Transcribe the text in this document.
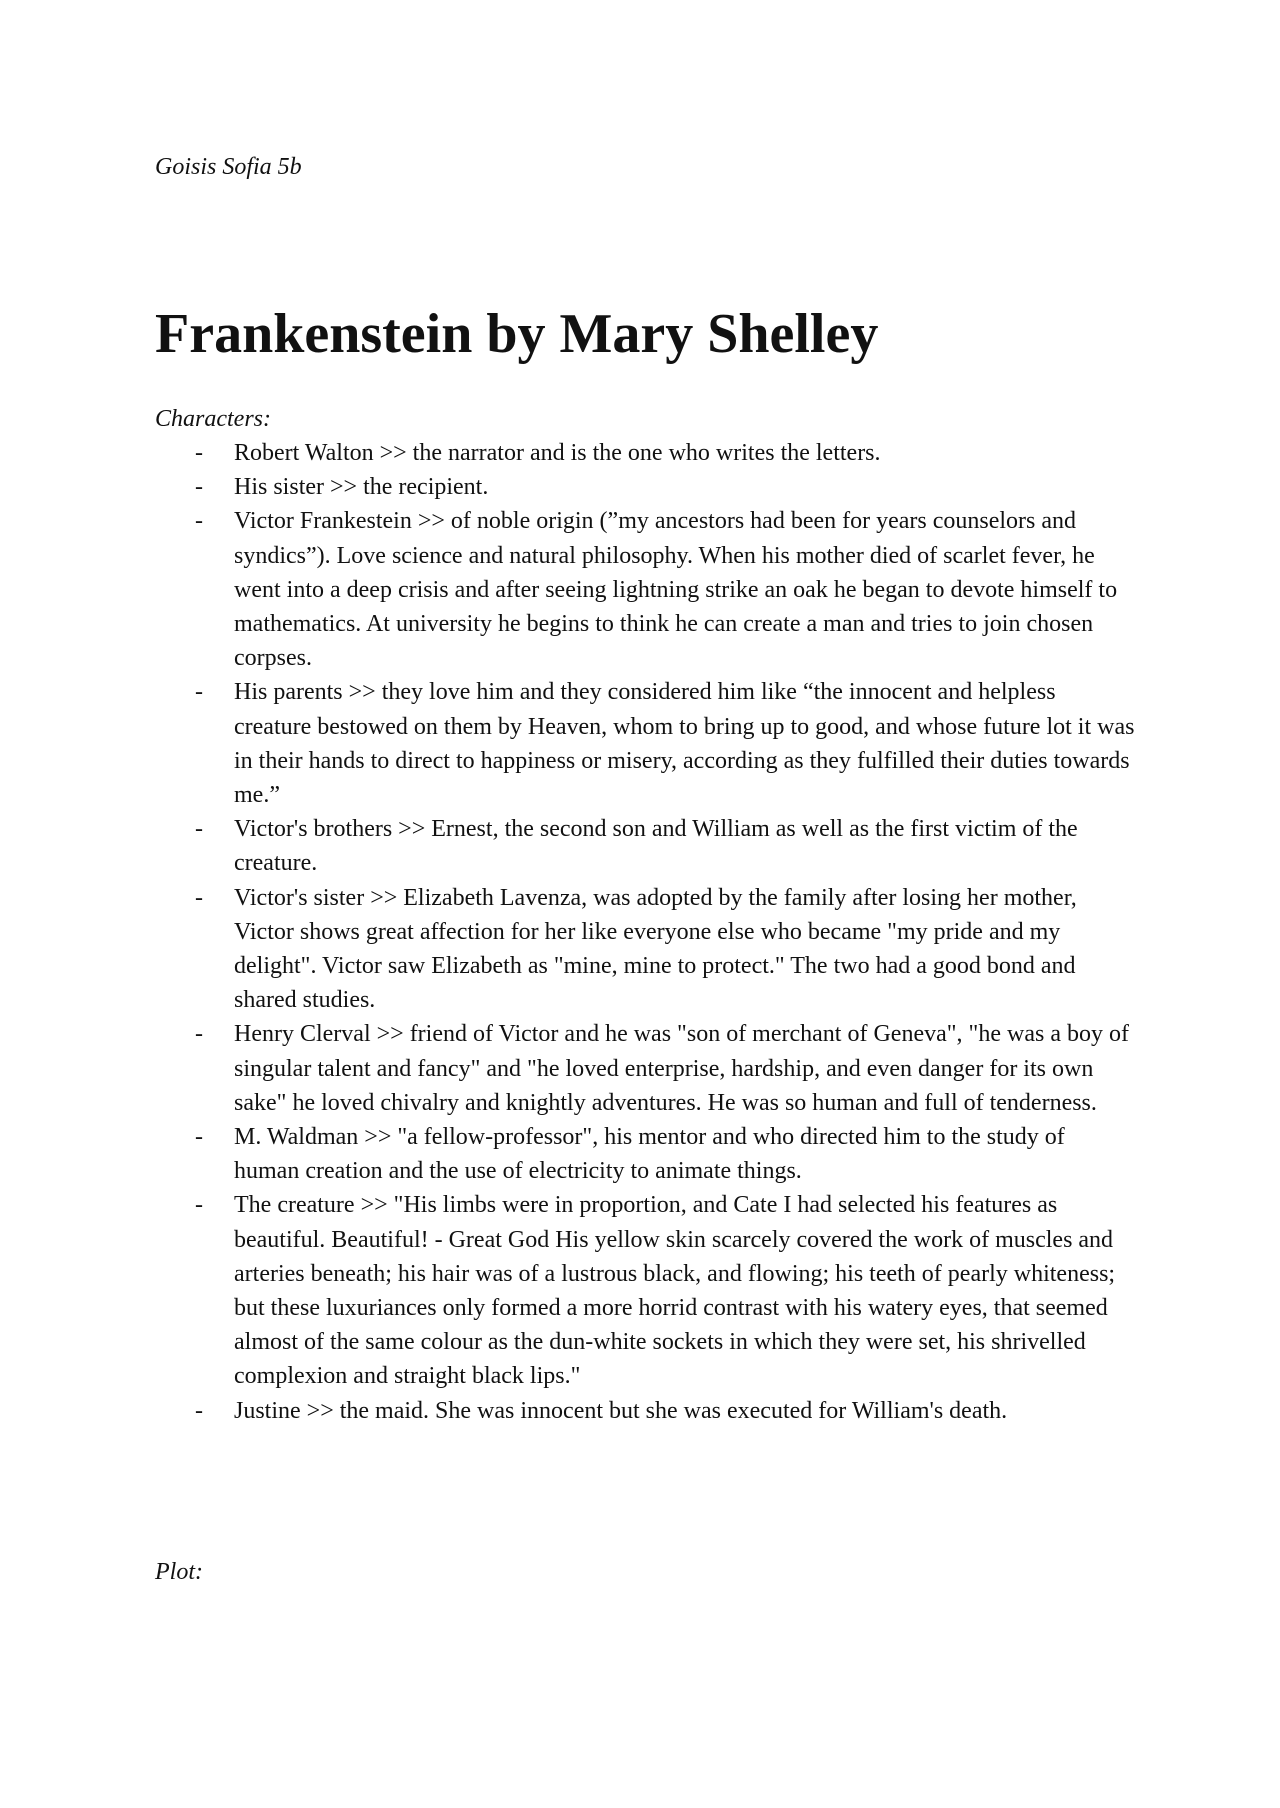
Goisis Sofia 5b

Frankenstein by Mary Shelley

Characters:

- Robert Walton >> the narrator and is the one who writes the letters.
- His sister >> the recipient.
- Victor Frankestein >> of noble origin (”my ancestors had been for years counselors and syndics”). Love science and natural philosophy. When his mother died of scarlet fever, he went into a deep crisis and after seeing lightning strike an oak he began to devote himself to mathematics. At university he begins to think he can create a man and tries to join chosen corpses.
- His parents >> they love him and they considered him like “the innocent and helpless creature bestowed on them by Heaven, whom to bring up to good, and whose future lot it was in their hands to direct to happiness or misery, according as they fulfilled their duties towards me.”
- Victor's brothers >> Ernest, the second son and William as well as the first victim of the creature.
- Victor's sister >> Elizabeth Lavenza, was adopted by the family after losing her mother, Victor shows great affection for her like everyone else who became "my pride and my delight". Victor saw Elizabeth as "mine, mine to protect." The two had a good bond and shared studies.
- Henry Clerval >> friend of Victor and he was "son of merchant of Geneva", "he was a boy of singular talent and fancy" and "he loved enterprise, hardship, and even danger for its own sake" he loved chivalry and knightly adventures. He was so human and full of tenderness.
- M. Waldman >> "a fellow-professor", his mentor and who directed him to the study of human creation and the use of electricity to animate things.
- The creature >> "His limbs were in proportion, and Cate I had selected his features as beautiful. Beautiful! - Great God His yellow skin scarcely covered the work of muscles and arteries beneath; his hair was of a lustrous black, and flowing; his teeth of pearly whiteness; but these luxuriances only formed a more horrid contrast with his watery eyes, that seemed almost of the same colour as the dun-white sockets in which they were set, his shrivelled complexion and straight black lips."
- Justine >> the maid. She was innocent but she was executed for William's death.

Plot:
